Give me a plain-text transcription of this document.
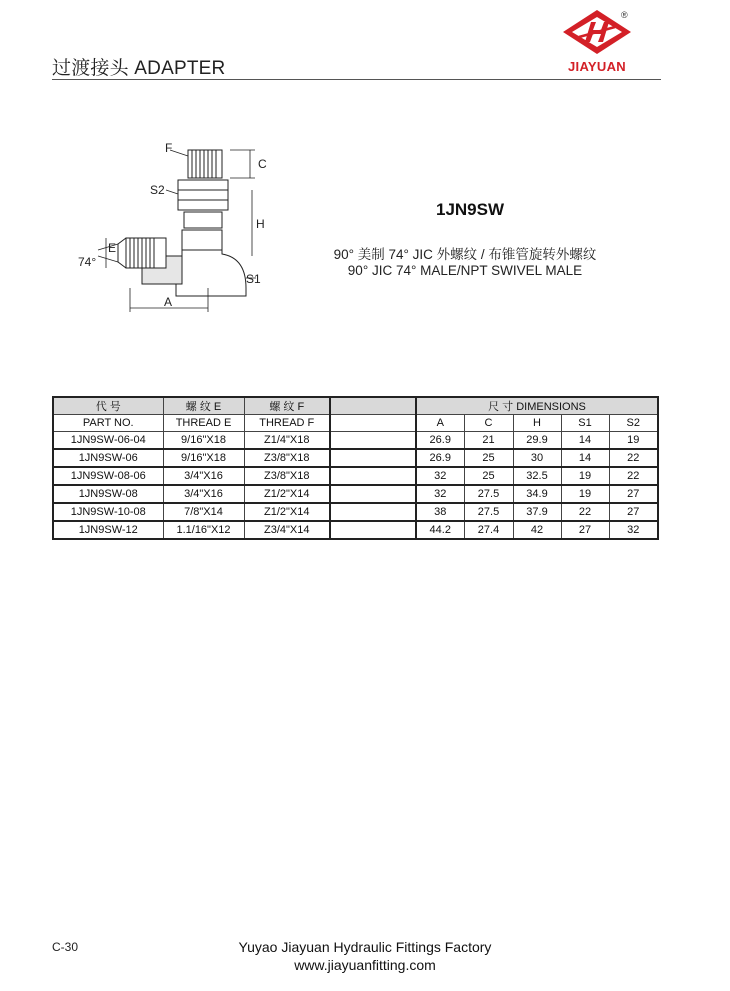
过渡接头 ADAPTER
®
JIAYUAN
F
C
S2
H
E
74°
S1
A
1JN9SW
90° 美制 74° JIC 外螺纹 / 布锥管旋转外螺纹
90° JIC 74° MALE/NPT SWIVEL MALE
代 号	螺 纹 E	螺 纹 F		尺 寸 DIMENSIONS				
PART NO.	THREAD E	THREAD F		A	C	H	S1	S2
1JN9SW-06-04	9/16"X18	Z1/4"X18		26.9	21	29.9	14	19
1JN9SW-06	9/16"X18	Z3/8"X18		26.9	25	30	14	22
1JN9SW-08-06	3/4"X16	Z3/8"X18		32	25	32.5	19	22
1JN9SW-08	3/4"X16	Z1/2"X14		32	27.5	34.9	19	27
1JN9SW-10-08	7/8"X14	Z1/2"X14		38	27.5	37.9	22	27
1JN9SW-12	1.1/16"X12	Z3/4"X14		44.2	27.4	42	27	32
C-30	Yuyao Jiayuan Hydraulic Fittings Factory
www.jiayuanfitting.com
